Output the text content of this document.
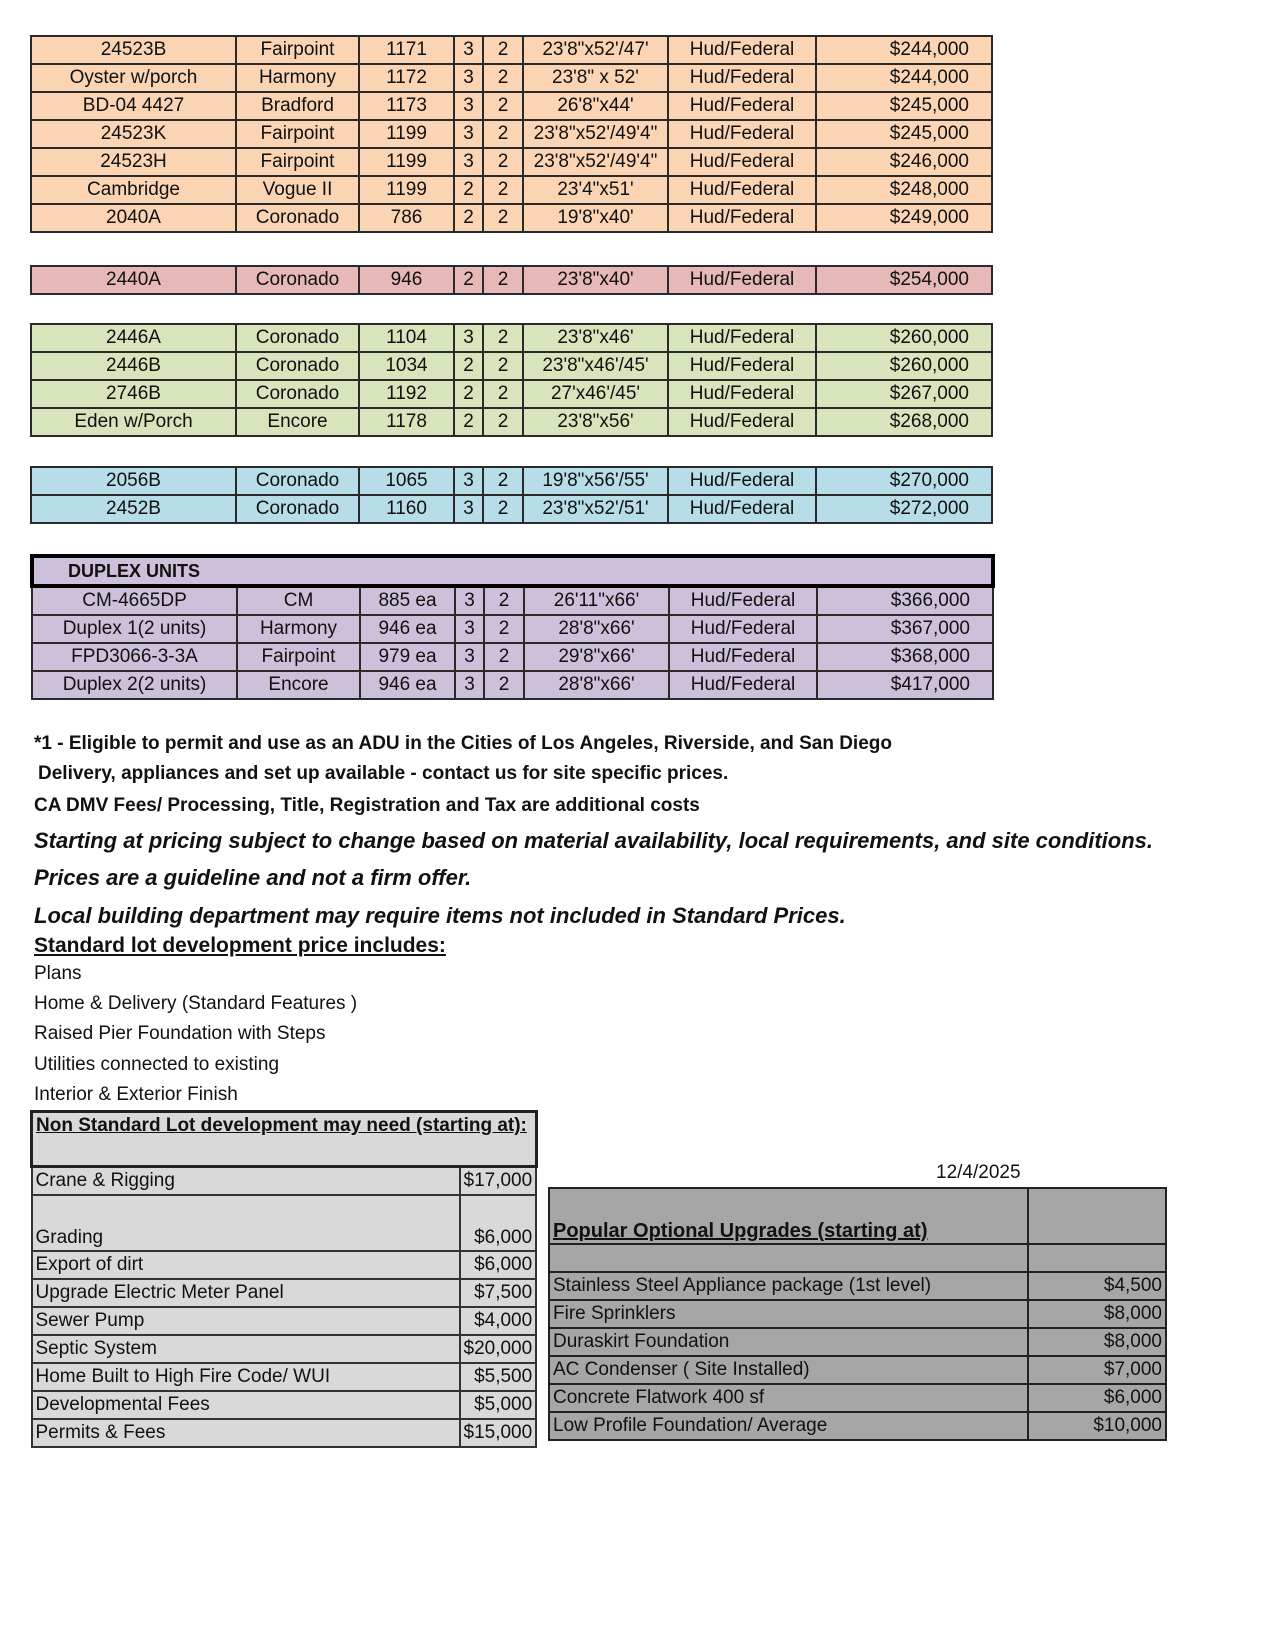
24523B	Fairpoint	1171	3	2	23'8"x52'/47'	Hud/Federal	$244,000
Oyster w/porch	Harmony	1172	3	2	23'8" x 52'	Hud/Federal	$244,000
BD-04 4427	Bradford	1173	3	2	26'8"x44'	Hud/Federal	$245,000
24523K	Fairpoint	1199	3	2	23'8"x52'/49'4"	Hud/Federal	$245,000
24523H	Fairpoint	1199	3	2	23'8"x52'/49'4"	Hud/Federal	$246,000
Cambridge	Vogue II	1199	2	2	23'4"x51'	Hud/Federal	$248,000
2040A	Coronado	786	2	2	19'8"x40'	Hud/Federal	$249,000
2440A	Coronado	946	2	2	23'8"x40'	Hud/Federal	$254,000
2446A	Coronado	1104	3	2	23'8"x46'	Hud/Federal	$260,000
2446B	Coronado	1034	2	2	23'8"x46'/45'	Hud/Federal	$260,000
2746B	Coronado	1192	2	2	27'x46'/45'	Hud/Federal	$267,000
Eden w/Porch	Encore	1178	2	2	23'8"x56'	Hud/Federal	$268,000
2056B	Coronado	1065	3	2	19'8"x56'/55'	Hud/Federal	$270,000
2452B	Coronado	1160	3	2	23'8"x52'/51'	Hud/Federal	$272,000
DUPLEX UNITS							
CM-4665DP	CM	885 ea	3	2	26'11"x66'	Hud/Federal	$366,000
Duplex 1(2 units)	Harmony	946 ea	3	2	28'8"x66'	Hud/Federal	$367,000
FPD3066-3-3A	Fairpoint	979 ea	3	2	29'8"x66'	Hud/Federal	$368,000
Duplex 2(2 units)	Encore	946 ea	3	2	28'8"x66'	Hud/Federal	$417,000
*1 - Eligible to permit and use as an ADU in the Cities of Los Angeles, Riverside, and San Diego
Delivery, appliances and set up available - contact us for site specific prices.
CA DMV Fees/ Processing, Title, Registration and Tax are additional costs
Starting at pricing subject to change based on material availability, local requirements, and site conditions.
Prices are a guideline and not a firm offer.
Local building department may require items not included in Standard Prices.
Standard lot development price includes:
Plans
Home & Delivery (Standard Features )
Raised Pier Foundation with Steps
Utilities connected to existing
Interior & Exterior Finish
Non Standard Lot development may need (starting at):	
Crane & Rigging	$17,000
Grading	$6,000
Export of dirt	$6,000
Upgrade Electric Meter Panel	$7,500
Sewer Pump	$4,000
Septic System	$20,000
Home Built to High Fire Code/ WUI	$5,500
Developmental Fees	$5,000
Permits & Fees	$15,000
12/4/2025
Popular Optional Upgrades (starting at)	

Stainless Steel Appliance package (1st level)	$4,500
Fire Sprinklers	$8,000
Duraskirt Foundation	$8,000
AC Condenser ( Site Installed)	$7,000
Concrete Flatwork 400 sf	$6,000
Low Profile Foundation/ Average	$10,000
